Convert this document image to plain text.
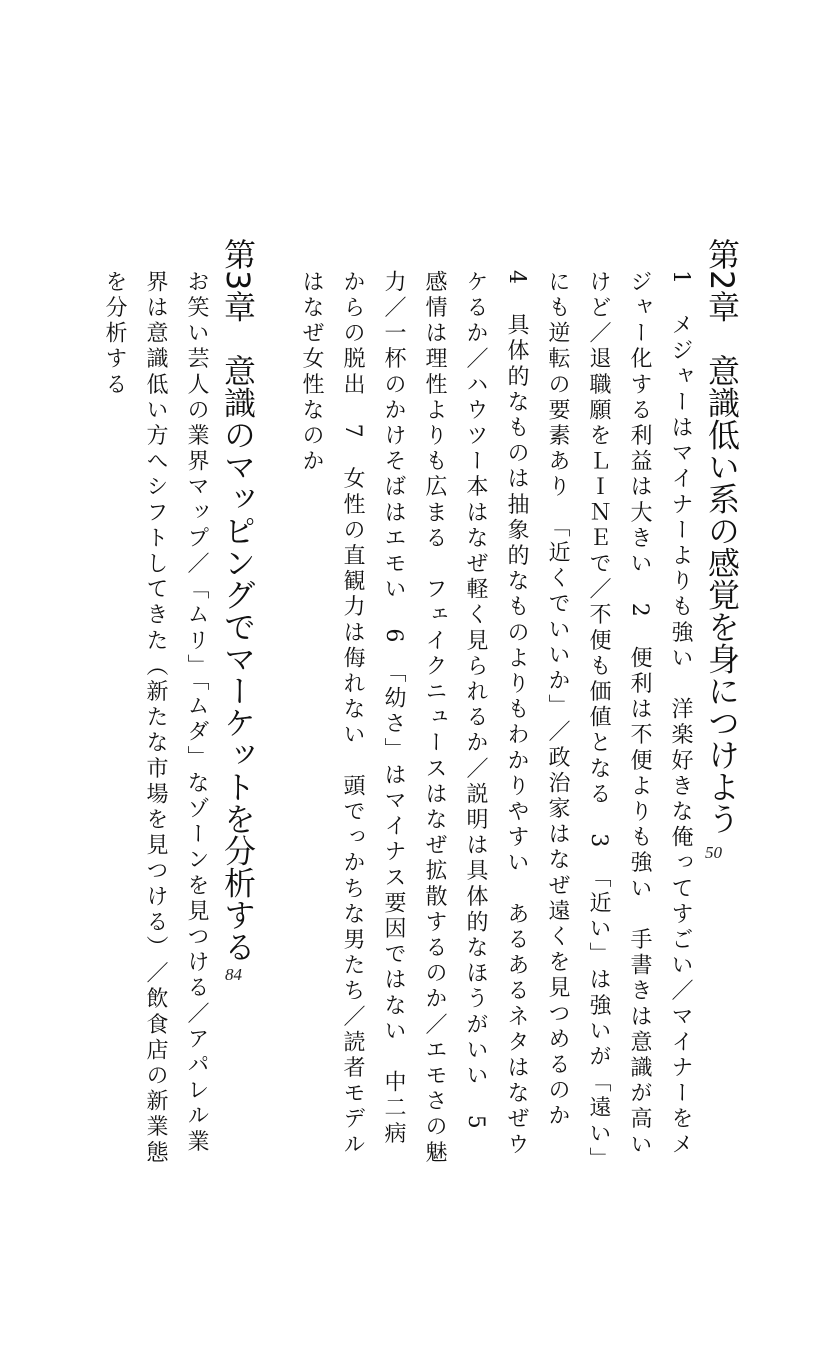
第2章　意識低い系の感覚を身につけよう
50
1　メジャーはマイナーよりも強い　洋楽好きな俺ってすごい／マイナーをメ
ジャー化する利益は大きい　2　便利は不便よりも強い　手書きは意識が高い
けど／退職願をＬＩＮＥで／不便も価値となる　3　「近い」は強いが「遠い」
にも逆転の要素あり　「近くでいいか」／政治家はなぜ遠くを見つめるのか
4　具体的なものは抽象的なものよりもわかりやすい　あるあるネタはなぜウ
ケるか／ハウツー本はなぜ軽く見られるか／説明は具体的なほうがいい　5
感情は理性よりも広まる　フェイクニュースはなぜ拡散するのか／エモさの魅
力／一杯のかけそばはエモい　6　「幼さ」はマイナス要因ではない　中二病
からの脱出　7　女性の直観力は侮れない　頭でっかちな男たち／読者モデル
はなぜ女性なのか
第3章　意識のマッピングでマーケットを分析する
84
お笑い芸人の業界マップ／「ムリ」「ムダ」なゾーンを見つける／アパレル業
界は意識低い方へシフトしてきた（新たな市場を見つける）／飲食店の新業態
を分析する
